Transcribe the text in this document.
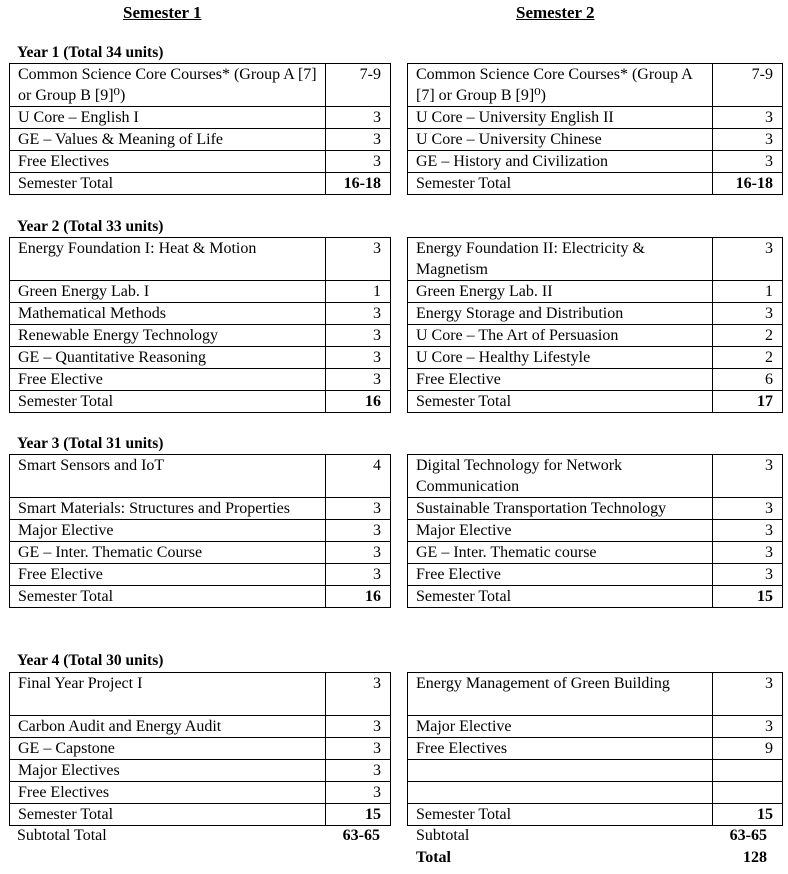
Semester 1	Semester 2
Year 1 (Total 34 units)
Common Science Core Courses* (Group A [7] or Group B [9]⁰)	7-9
U Core – English I	3
GE – Values & Meaning of Life	3
Free Electives	3
Semester Total	16-18
Common Science Core Courses* (Group A [7] or Group B [9]⁰)	7-9
U Core – University English II	3
U Core – University Chinese	3
GE – History and Civilization	3
Semester Total	16-18
Year 2 (Total 33 units)
Energy Foundation I: Heat & Motion	3
Green Energy Lab. I	1
Mathematical Methods	3
Renewable Energy Technology	3
GE – Quantitative Reasoning	3
Free Elective	3
Semester Total	16
Energy Foundation II: Electricity & Magnetism	3
Green Energy Lab. II	1
Energy Storage and Distribution	3
U Core – The Art of Persuasion	2
U Core – Healthy Lifestyle	2
Free Elective	6
Semester Total	17
Year 3 (Total 31 units)
Smart Sensors and IoT	4
Smart Materials: Structures and Properties	3
Major Elective	3
GE – Inter. Thematic Course	3
Free Elective	3
Semester Total	16
Digital Technology for Network Communication	3
Sustainable Transportation Technology	3
Major Elective	3
GE – Inter. Thematic course	3
Free Elective	3
Semester Total	15
Year 4 (Total 30 units)
Final Year Project I	3
Carbon Audit and Energy Audit	3
GE – Capstone	3
Major Electives	3
Free Electives	3
Semester Total	15
Energy Management of Green Building	3
Major Elective	3
Free Electives	9

Semester Total	15
Subtotal Total	63-65 Subtotal	63-65
Total	128
